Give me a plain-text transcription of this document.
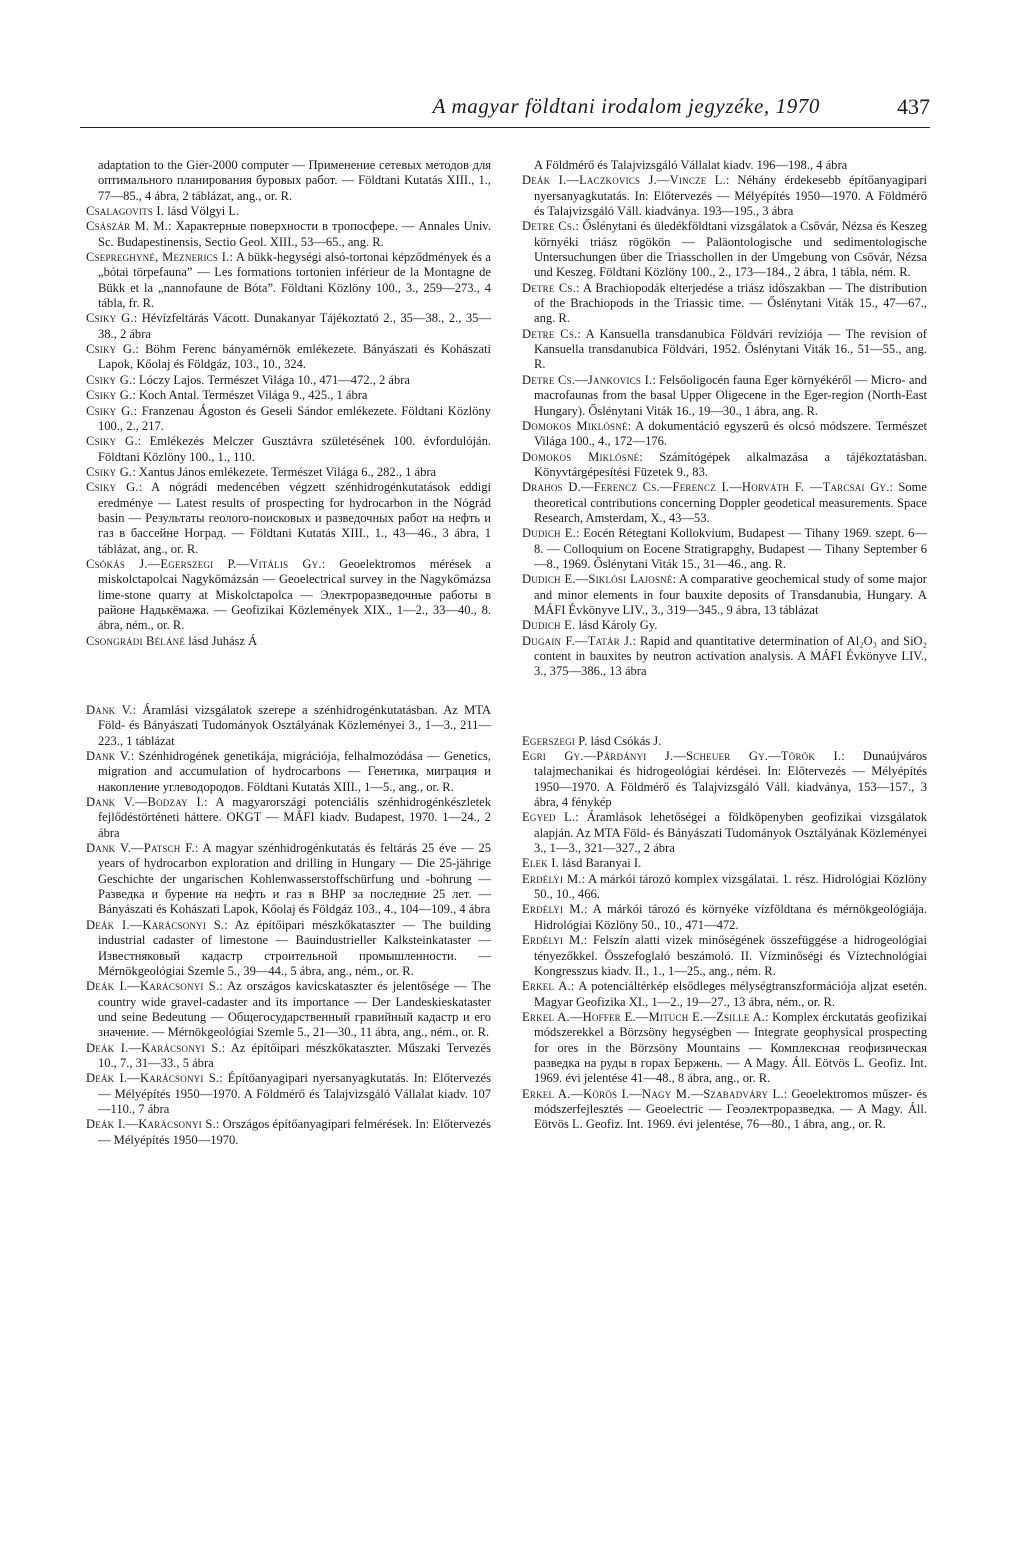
A magyar földtani irodalom jegyzéke, 1970	437

adaptation to the Gier-2000 computer — Применение сетевых методов для оптимального планирования буровых работ. — Földtani Kutatás XIII., 1., 77—85., 4 ábra, 2 táblázat, ang., or. R.

Csalagovits I. lásd Völgyi L.

Császár M. M.: Характерные поверхности в тропосфере. — Annales Univ. Sc. Budapestinensis, Sectio Geol. XIII., 53—65., ang. R.

Csepreghyné, Meznerics I.: A bükk-hegységi alsó-tortonai képződmények és a „bótai törpefauna” — Les formations tortonien inférieur de la Montagne de Bükk et la „nannofaune de Bóta”. Földtani Közlöny 100., 3., 259—273., 4 tábla, fr. R.

Csiky G.: Hévízfeltárás Vácott. Dunakanyar Tájékoztató 2., 35—38., 2., 35—38., 2 ábra

Csiky G.: Böhm Ferenc bányamérnök emlékezete. Bányászati és Kohászati Lapok, Kőolaj és Földgáz, 103., 10., 324.

Csiky G.: Lóczy Lajos. Természet Világa 10., 471—472., 2 ábra

Csiky G.: Koch Antal. Természet Világa 9., 425., 1 ábra

Csiky G.: Franzenau Ágoston és Geseli Sándor emlékezete. Földtani Közlöny 100., 2., 217.

Csiky G.: Emlékezés Melczer Gusztávra születésének 100. évfordulóján. Földtani Közlöny 100., 1., 110.

Csiky G.: Xantus János emlékezete. Természet Világa 6., 282., 1 ábra

Csiky G.: A nógrádi medencében végzett szénhidrogénkutatások eddigi eredménye — Latest results of prospecting for hydrocarbon in the Nógrád basin — Результаты геолого-поисковых и разведочных работ на нефть и газ в бассейне Ноград. — Földtani Kutatás XIII., 1., 43—46., 3 ábra, 1 táblázat, ang., or. R.

Csókás J.—Egerszegi P.—Vitális Gy.: Geoelektromos mérések a miskolctapolcai Nagykőmázsán — Geoelectrical survey in the Nagykőmázsa lime-stone quarry at Miskolctapolca — Электроразведочные работы в районе Надькёмажа. — Geofizikai Közlemények XIX., 1—2., 33—40., 8. ábra, ném., or. R.

Csongrádi Béláné lásd Juhász Á

Dank V.: Áramlási vizsgálatok szerepe a szénhidrogénkutatásban. Az MTA Föld- és Bányászati Tudományok Osztályának Közleményei 3., 1—3., 211—223., 1 táblázat

Dank V.: Szénhidrogének genetikája, migrációja, felhalmozódása — Genetics, migration and accumulation of hydrocarbons — Генетика, миграция и накопление углеводородов. Földtani Kutatás XIII., 1—5., ang., or. R.

Dank V.—Bodzay I.: A magyarországi potenciális szénhidrogénkészletek fejlődéstörténeti háttere. OKGT — MÁFI kiadv. Budapest, 1970. 1—24., 2 ábra

Dank V.—Patsch F.: A magyar szénhidrogénkutatás és feltárás 25 éve — 25 years of hydrocarbon exploration and drilling in Hungary — Die 25-jährige Geschichte der ungarischen Kohlenwasserstoffschürfung und -bohrung — Разведка и бурение на нефть и газ в ВНР за последние 25 лет. — Bányászati és Kohászati Lapok, Kőolaj és Földgáz 103., 4., 104—109., 4 ábra

Deák I.—Karácsonyi S.: Az építőipari mészkőkataszter — The building industrial cadaster of limestone — Bauindustrieller Kalksteinkataster — Известняковый кадастр строительной промышленности. — Mérnökgeológiai Szemle 5., 39—44., 5 ábra, ang., ném., or. R.

Deák I.—Karácsonyi S.: Az országos kavicskataszter és jelentősége — The country wide gravel-cadaster and its importance — Der Landeskieskataster und seine Bedeutung — Общегосударственный гравийный кадастр и его значение. — Mérnökgeológiai Szemle 5., 21—30., 11 ábra, ang., ném., or. R.

Deák I.—Karácsonyi S.: Az építőipari mészkőkataszter. Műszaki Tervezés 10., 7., 31—33., 5 ábra

Deák I.—Karácsonyi S.: Építőanyagipari nyersanyagkutatás. In: Előtervezés — Mélyépítés 1950—1970. A Földmérő és Talajvizsgáló Vállalat kiadv. 107—110., 7 ábra

Deák I.—Karácsonyi S.: Országos építőanyagipari felmérések. In: Előtervezés — Mélyépítés 1950—1970.

A Földmérő és Talajvizsgáló Vállalat kiadv. 196—198., 4 ábra

Deák I.—Laczkovics J.—Vincze L.: Néhány érdekesebb építőanyagipari nyersanyagkutatás. In: Előtervezés — Mélyépítés 1950—1970. A Földmérő és Talajvizsgáló Váll. kiadványa. 193—195., 3 ábra

Detre Cs.: Őslénytani és üledékföldtani vizsgálatok a Csővár, Nézsa és Keszeg környéki triász rögökön — Paläontologische und sedimentologische Untersuchungen über die Triasschollen in der Umgebung von Csővár, Nézsa und Keszeg. Földtani Közlöny 100., 2., 173—184., 2 ábra, 1 tábla, ném. R.

Detre Cs.: A Brachiopodák elterjedése a triász időszakban — The distribution of the Brachiopods in the Triassic time. — Őslénytani Viták 15., 47—67., ang. R.

Detre Cs.: A Kansuella transdanubica Földvári revíziója — The revision of Kansuella transdanubica Földvári, 1952. Őslénytani Viták 16., 51—55., ang. R.

Detre Cs.—Jankovics I.: Felsőoligocén fauna Eger környékéről — Micro- and macrofaunas from the basal Upper Oligecene in the Eger-region (North-East Hungary). Őslénytani Viták 16., 19—30., 1 ábra, ang. R.

Domokos Miklósné: A dokumentáció egyszerű és olcsó módszere. Természet Világa 100., 4., 172—176.

Domokos Miklósné: Számítógépek alkalmazása a tájékoztatásban. Könyvtárgépesítési Füzetek 9., 83.

Drahos D.—Ferencz Cs.—Ferencz I.—Horváth F. —Tarcsai Gy.: Some theoretical contributions concerning Doppler geodetical measurements. Space Research, Amsterdam, X., 43—53.

Dudich E.: Eocén Rétegtani Kollokvium, Budapest — Tihany 1969. szept. 6—8. — Colloquium on Eocene Stratigrapghy, Budapest — Tihany September 6—8., 1969. Őslénytani Viták 15., 31—46., ang. R.

Dudich E.—Siklósi Lajosné: A comparative geochemical study of some major and minor elements in four bauxite deposits of Transdanubia, Hungary. A MÁFI Évkönyve LIV., 3., 319—345., 9 ábra, 13 táblázat

Dudich E. lásd Károly Gy.

Dugain F.—Tatár J.: Rapid and quantitative determination of Al₂O₃ and SiO₂ content in bauxites by neutron activation analysis. A MÁFI Évkönyve LIV., 3., 375—386., 13 ábra

Egerszegi P. lásd Csókás J.

Egri Gy.—Párdányi J.—Scheuer Gy.—Török I.: Dunaújváros talajmechanikai és hidrogeológiai kérdései. In: Előtervezés — Mélyépítés 1950—1970. A Földmérő és Talajvizsgáló Váll. kiadványa, 153—157., 3 ábra, 4 fénykép

Egyed L.: Áramlások lehetőségei a földköpenyben geofizikai vizsgálatok alapján. Az MTA Föld- és Bányászati Tudományok Osztályának Közleményei 3., 1—3., 321—327., 2 ábra

Elek I. lásd Baranyai I.

Erdélyi M.: A márkói tározó komplex vizsgálatai. 1. rész. Hidrológiai Közlöny 50., 10., 466.

Erdélyi M.: A márkói tározó és környéke vízföldtana és mérnökgeológiája. Hidrológiai Közlöny 50., 10., 471—472.

Erdélyi M.: Felszín alatti vizek minőségének összefüggése a hidrogeológiai tényezőkkel. Összefoglaló beszámoló. II. Vízminőségi és Víztechnológiai Kongresszus kiadv. II., 1., 1—25., ang., ném. R.

Erkel A.: A potenciáltérkép elsődleges mélységtranszformációja aljzat esetén. Magyar Geofizika XI., 1—2., 19—27., 13 ábra, ném., or. R.

Erkel A.—Hoffer E.—Mituch E.—Zsille A.: Komplex érckutatás geofizikai módszerekkel a Börzsöny hegységben — Integrate geophysical prospecting for ores in the Börzsöny Mountains — Комплексная геофизическая разведка на руды в горах Бержень. — A Magy. Áll. Eötvös L. Geofiz. Int. 1969. évi jelentése 41—48., 8 ábra, ang., or. R.

Erkel A.—Körös I.—Nagy M.—Szabadváry L.: Geoelektromos műszer- és módszerfejlesztés — Geoelectric — Геоэлектроразведка. — A Magy. Áll. Eötvös L. Geofiz. Int. 1969. évi jelentése, 76—80., 1 ábra, ang., or. R.
